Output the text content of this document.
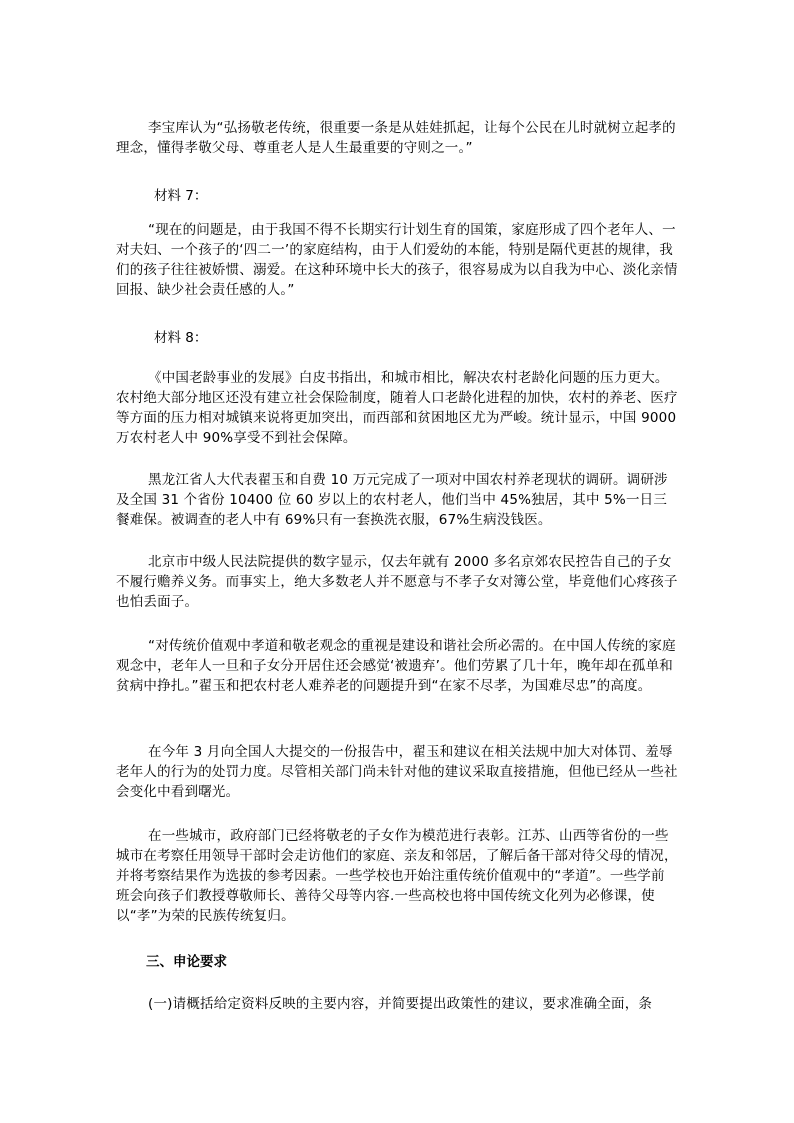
李宝库认为“弘扬敬老传统，很重要一条是从娃娃抓起，让每个公民在儿时就树立起孝的理念，懂得孝敬父母、尊重老人是人生最重要的守则之一。”

材料 7：

“现在的问题是，由于我国不得不长期实行计划生育的国策，家庭形成了四个老年人、一对夫妇、一个孩子的‘四二一’的家庭结构，由于人们爱幼的本能，特别是隔代更甚的规律，我们的孩子往往被娇惯、溺爱。在这种环境中长大的孩子，很容易成为以自我为中心、淡化亲情回报、缺少社会责任感的人。”

材料 8：

《中国老龄事业的发展》白皮书指出，和城市相比，解决农村老龄化问题的压力更大。农村绝大部分地区还没有建立社会保险制度，随着人口老龄化进程的加快，农村的养老、医疗等方面的压力相对城镇来说将更加突出，而西部和贫困地区尤为严峻。统计显示，中国 9000 万农村老人中 90%享受不到社会保障。

黑龙江省人大代表翟玉和自费 10 万元完成了一项对中国农村养老现状的调研。调研涉及全国 31 个省份 10400 位 60 岁以上的农村老人，他们当中 45%独居，其中 5%一日三餐难保。被调查的老人中有 69%只有一套换洗衣服，67%生病没钱医。

北京市中级人民法院提供的数字显示，仅去年就有 2000 多名京郊农民控告自己的子女不履行赡养义务。而事实上，绝大多数老人并不愿意与不孝子女对簿公堂，毕竟他们心疼孩子也怕丢面子。

“对传统价值观中孝道和敬老观念的重视是建设和谐社会所必需的。在中国人传统的家庭观念中，老年人一旦和子女分开居住还会感觉‘被遗弃’。他们劳累了几十年，晚年却在孤单和贫病中挣扎。”翟玉和把农村老人难养老的问题提升到“在家不尽孝，为国难尽忠”的高度。

在今年 3 月向全国人大提交的一份报告中，翟玉和建议在相关法规中加大对体罚、羞辱老年人的行为的处罚力度。尽管相关部门尚未针对他的建议采取直接措施，但他已经从一些社会变化中看到曙光。

在一些城市，政府部门已经将敬老的子女作为模范进行表彰。江苏、山西等省份的一些城市在考察任用领导干部时会走访他们的家庭、亲友和邻居，了解后备干部对待父母的情况，并将考察结果作为选拔的参考因素。一些学校也开始注重传统价值观中的“孝道”。一些学前班会向孩子们教授尊敬师长、善待父母等内容.一些高校也将中国传统文化列为必修课，使以“孝”为荣的民族传统复归。

三、申论要求

(一)请概括给定资料反映的主要内容，并简要提出政策性的建议，要求准确全面，条
